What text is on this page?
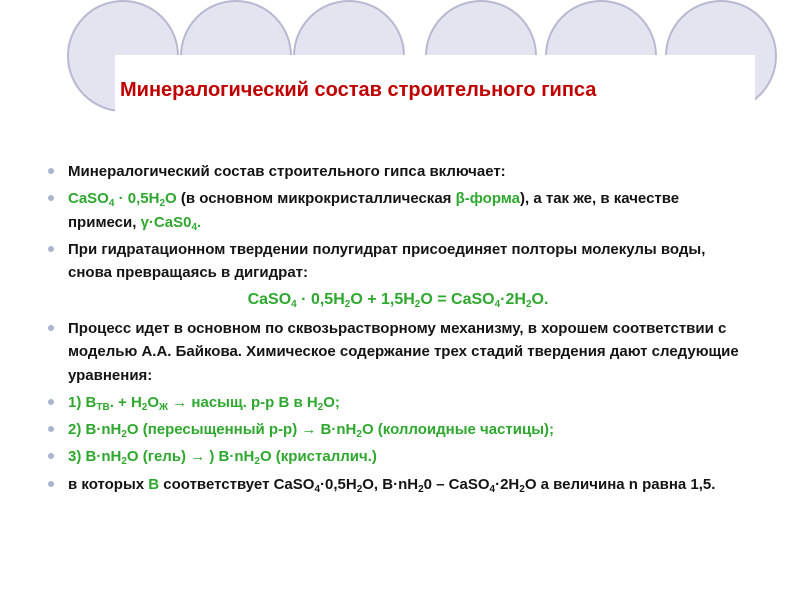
Минералогический состав строительного гипса
Минералогический состав строительного гипса включает:
CaSO$_4$ · $0,5H_2O$ (в основном микрокристаллическая β-форма), а так же, в качестве примеси, $\gamma\cdot CaS0_4$.
При гидратационном твердении полугидрат присоединяет полторы молекулы воды, снова превращаясь в дигидрат:
CaSO$_4$ · $0,5H_2O + 1,5H_2O$ = $CaSO_4\cdot 2H_2O$.
Процесс идет в основном по сквозьрастворному механизму, в хорошем соответствии с моделью А.А. Байкова. Химическое содержание трех стадий твердения дают следующие уравнения:
1) $В_{ТВ}$. + $Н_2О_Ж$ → насыщ. р-р В в $Н_2О$;
2) $В\cdot nН_2О$ (пересыщенный $р-р) \to В\cdot nН_2О$ (коллоидные частицы);
3) $В\cdot nН_2О$ (гель) → ) $В\cdot nН_2О$ (кристаллич.)
в которых В соответствует $CaSO_4\cdot 0,5H_2O$, $В\cdot nН_20$ – $CaSO_4\cdot 2H_2O$ а величина n равна 1,5.
